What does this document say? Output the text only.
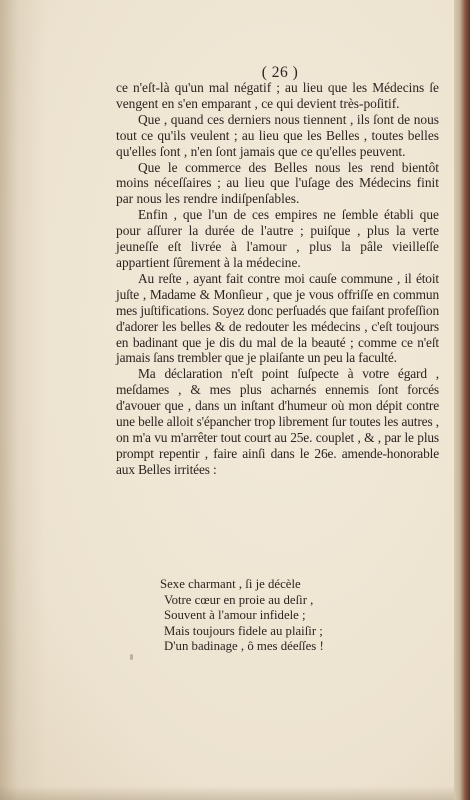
( 26 )

ce n'eſt-là qu'un mal négatif ; au lieu que les Médecins ſe vengent en s'en emparant , ce qui devient très-poſitif.

Que , quand ces derniers nous tiennent , ils ſont de nous tout ce qu'ils veulent ; au lieu que les Belles , toutes belles qu'elles ſont , n'en ſont jamais que ce qu'elles peuvent.

Que le commerce des Belles nous les rend bientôt moins néceſſaires ; au lieu que l'uſage des Médecins finit par nous les rendre indiſpenſables.

Enfin , que l'un de ces empires ne ſemble établi que pour aſſurer la durée de l'autre ; puiſque , plus la verte jeuneſſe eſt livrée à l'amour , plus la pâle vieilleſſe appartient ſûrement à la médecine.

Au reſte , ayant fait contre moi cauſe commune , il étoit juſte , Madame & Monſieur , que je vous offriſſe en commun mes juſtifications. Soyez donc perſuadés que faiſant profeſſion d'adorer les belles & de redouter les médecins , c'eſt toujours en badinant que je dis du mal de la beauté ; comme ce n'eſt jamais ſans trembler que je plaiſante un peu la faculté.

Ma déclaration n'eſt point ſuſpecte à votre égard , meſdames , & mes plus acharnés ennemis ſont forcés d'avouer que , dans un inſtant d'humeur où mon dépit contre une belle alloit s'épancher trop librement ſur toutes les autres , on m'a vu m'arrêter tout court au 25e. couplet , & , par le plus prompt repentir , faire ainſi dans le 26e. amende-honorable aux Belles irritées :

Sexe charmant , ſi je décèle
Votre cœur en proie au deſir ,
Souvent à l'amour infidele ;
Mais toujours fidele au plaiſir ;
D'un badinage , ô mes déeſſes !
